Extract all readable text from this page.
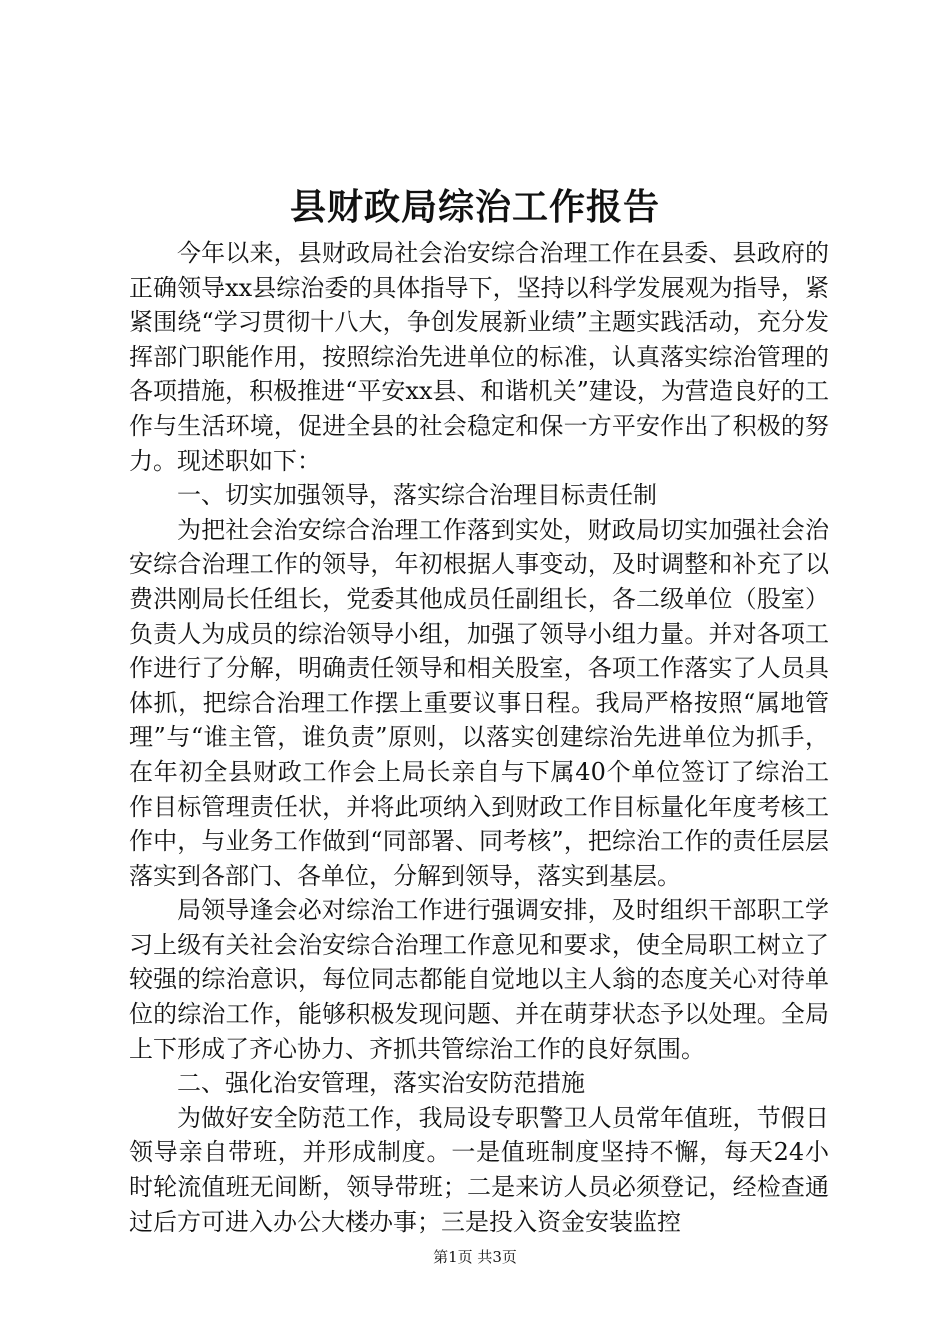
县财政局综治工作报告

今年以来，县财政局社会治安综合治理工作在县委、县政府的正确领导xx县综治委的具体指导下，坚持以科学发展观为指导，紧紧围绕“学习贯彻十八大，争创发展新业绩”主题实践活动，充分发挥部门职能作用，按照综治先进单位的标准，认真落实综治管理的各项措施，积极推进“平安xx县、和谐机关”建设，为营造良好的工作与生活环境，促进全县的社会稳定和保一方平安作出了积极的努力。现述职如下：

一、切实加强领导，落实综合治理目标责任制

为把社会治安综合治理工作落到实处，财政局切实加强社会治安综合治理工作的领导，年初根据人事变动，及时调整和补充了以费洪刚局长任组长，党委其他成员任副组长，各二级单位（股室）负责人为成员的综治领导小组，加强了领导小组力量。并对各项工作进行了分解，明确责任领导和相关股室，各项工作落实了人员具体抓，把综合治理工作摆上重要议事日程。我局严格按照“属地管理”与“谁主管，谁负责”原则，以落实创建综治先进单位为抓手，在年初全县财政工作会上局长亲自与下属40个单位签订了综治工作目标管理责任状，并将此项纳入到财政工作目标量化年度考核工作中，与业务工作做到“同部署、同考核”，把综治工作的责任层层落实到各部门、各单位，分解到领导，落实到基层。

局领导逢会必对综治工作进行强调安排，及时组织干部职工学习上级有关社会治安综合治理工作意见和要求，使全局职工树立了较强的综治意识，每位同志都能自觉地以主人翁的态度关心对待单位的综治工作，能够积极发现问题、并在萌芽状态予以处理。全局上下形成了齐心协力、齐抓共管综治工作的良好氛围。

二、强化治安管理，落实治安防范措施

为做好安全防范工作，我局设专职警卫人员常年值班，节假日领导亲自带班，并形成制度。一是值班制度坚持不懈，每天24小时轮流值班无间断，领导带班；二是来访人员必须登记，经检查通过后方可进入办公大楼办事；三是投入资金安装监控

第1页 共3页
